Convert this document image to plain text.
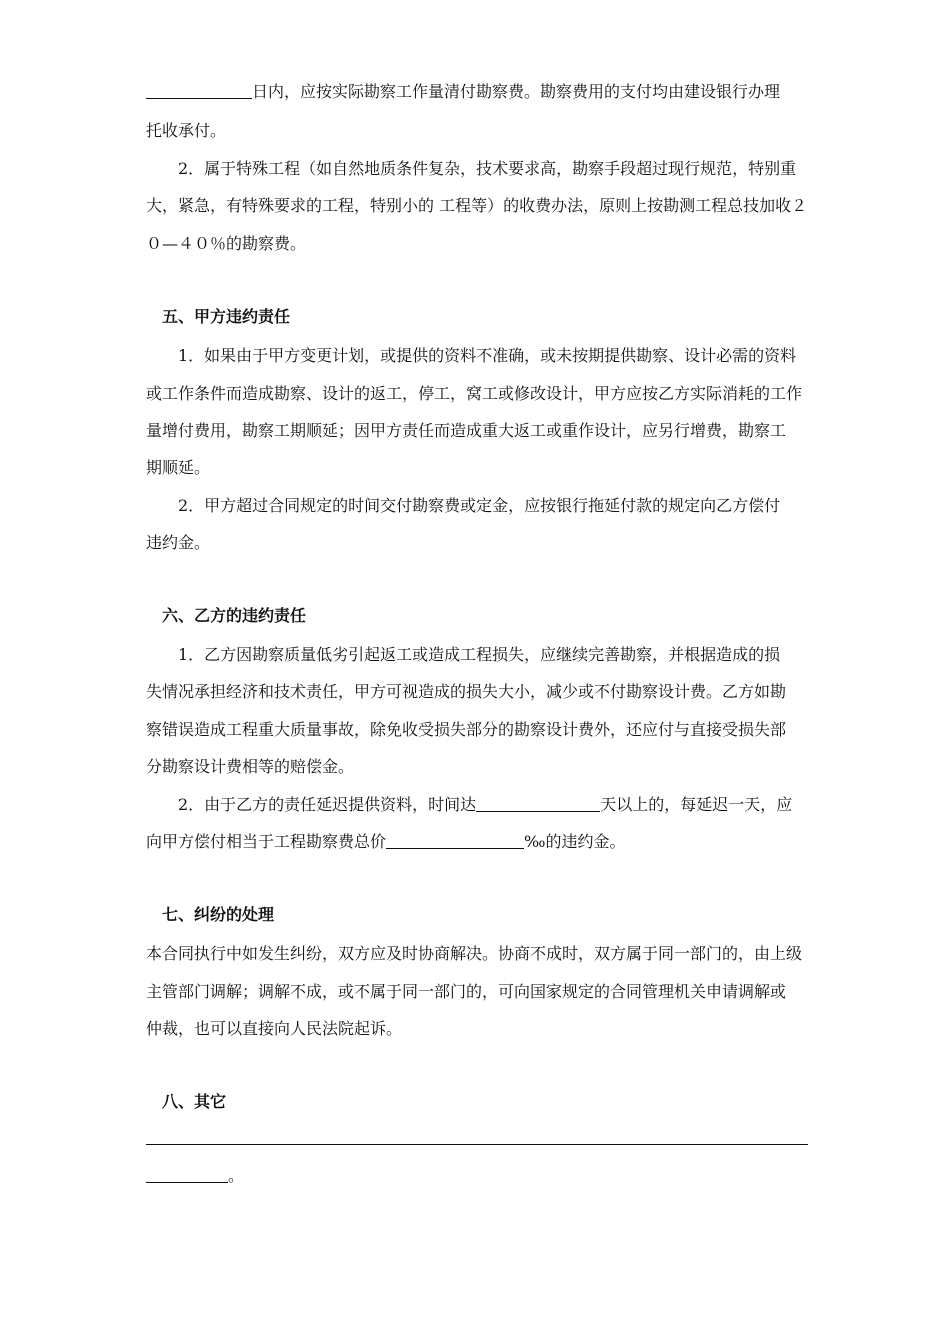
日内，应按实际勘察工作量清付勘察费。勘察费用的支付均由建设银行办理
托收承付。
2．属于特殊工程（如自然地质条件复杂，技术要求高，勘察手段超过现行规范，特别重
大，紧急，有特殊要求的工程，特别小的 工程等）的收费办法，原则上按勘测工程总技加收２
０—４０％的勘察费。
五、甲方违约责任
1．如果由于甲方变更计划，或提供的资料不准确，或未按期提供勘察、设计必需的资料
或工作条件而造成勘察、设计的返工，停工，窝工或修改设计，甲方应按乙方实际消耗的工作
量增付费用，勘察工期顺延；因甲方责任而造成重大返工或重作设计，应另行增费，勘察工
期顺延。
2．甲方超过合同规定的时间交付勘察费或定金，应按银行拖延付款的规定向乙方偿付
违约金。
六、乙方的违约责任
1．乙方因勘察质量低劣引起返工或造成工程损失，应继续完善勘察，并根据造成的损
失情况承担经济和技术责任，甲方可视造成的损失大小，减少或不付勘察设计费。乙方如勘
察错误造成工程重大质量事故，除免收受损失部分的勘察设计费外，还应付与直接受损失部
分勘察设计费相等的赔偿金。
2．由于乙方的责任延迟提供资料，时间达	天以上的，每延迟一天，应
向甲方偿付相当于工程勘察费总价	‰的违约金。
七、纠纷的处理
本合同执行中如发生纠纷，双方应及时协商解决。协商不成时，双方属于同一部门的，由上级
主管部门调解；调解不成，或不属于同一部门的，可向国家规定的合同管理机关申请调解或
仲裁，也可以直接向人民法院起诉。
八、其它
。
